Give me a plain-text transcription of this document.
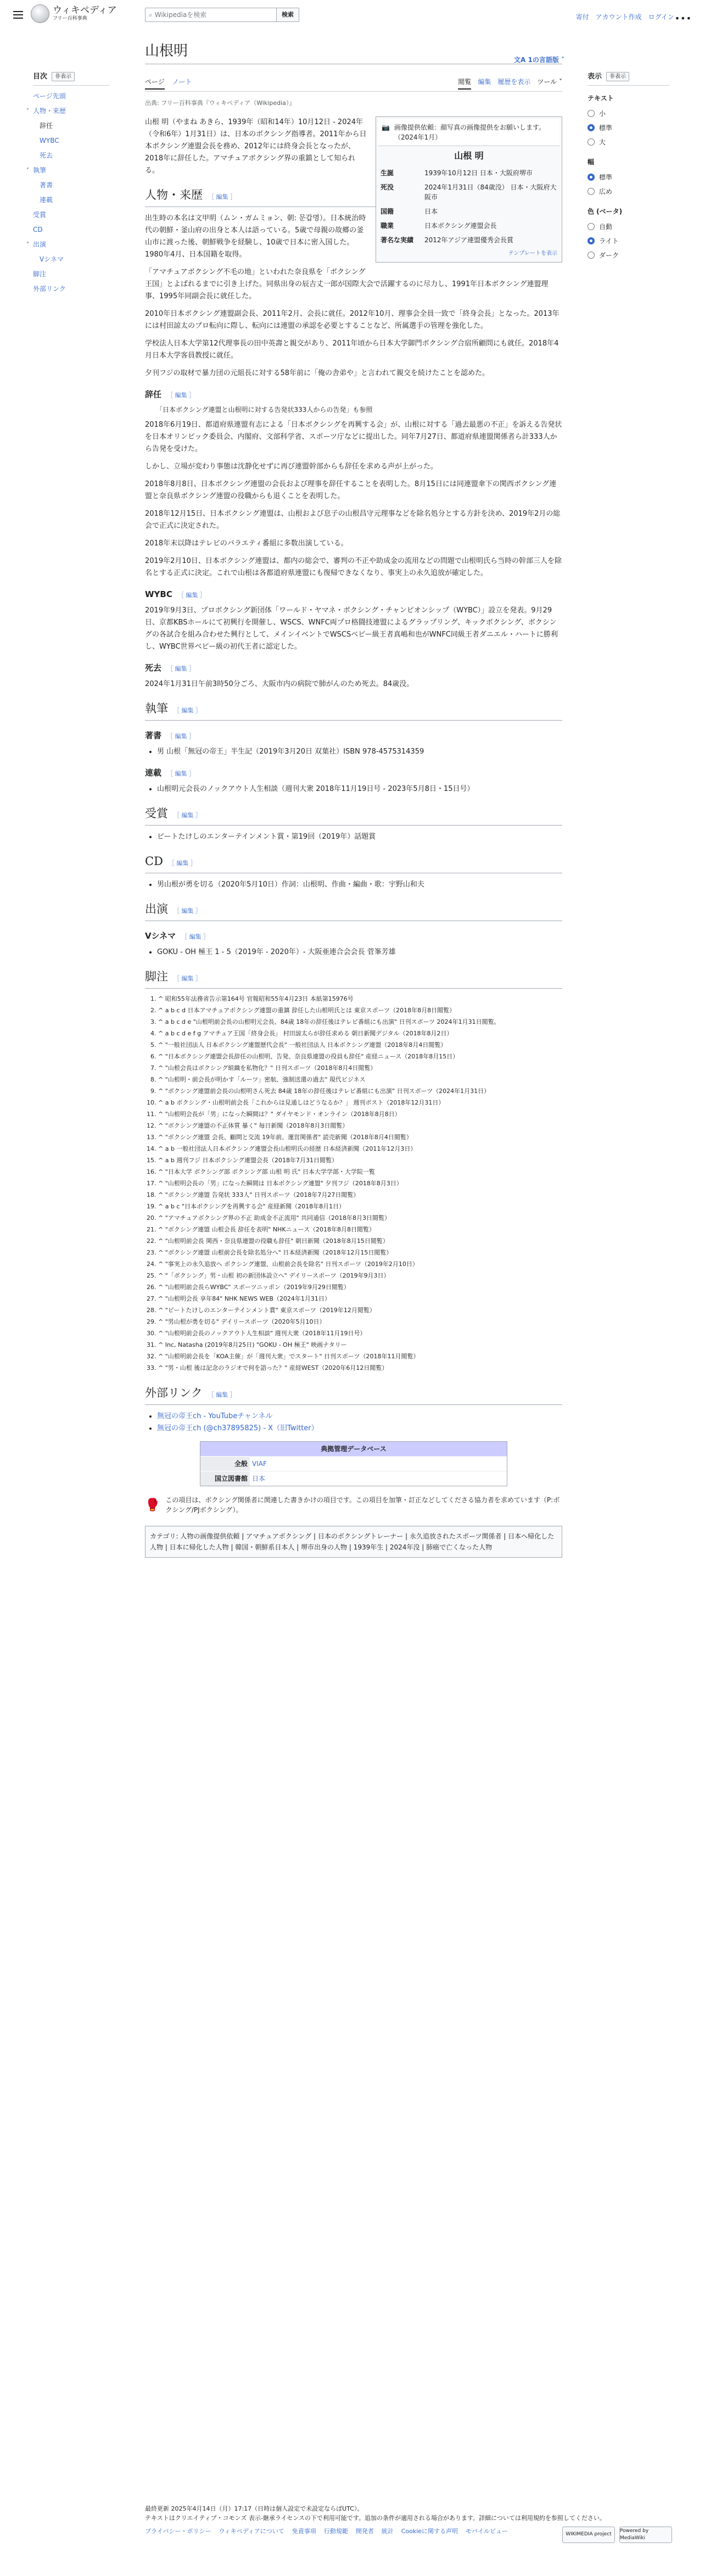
ウィキペディア
フリー百科事典	⌕ Wikipediaを検索	検索	寄付 アカウント作成 ログイン •••
目次	非表示
ページ先頭
˅ 人物・来歴
辞任
WYBC
死去
˅ 執筆
著書
連載
受賞
CD
˅ 出演
Vシネマ
脚注
外部リンク
山根明
文A 1の言語版 ˅
ページ ノート	閲覧 編集 履歴を表示 ツール ˅
出典: フリー百科事典『ウィキペディア（Wikipedia）』
表示	非表示
テキスト
小
標準
大
幅
標準
広め
色 (ベータ)
自動
ライト
ダーク
📷 画像提供依頼：顔写真の画像提供をお願いします。（2024年1月）
山根 明
生誕	1939年10月12日 日本・大阪府堺市
死没	2024年1月31日（84歳没） 日本・大阪府大阪市
国籍	日本
職業	日本ボクシング連盟会長
著名な実績	2012年アジア連盟優秀会長賞
テンプレートを表示

山根 明（やまね あきら、1939年（昭和14年）10月12日 - 2024年（令和6年）1月31日）は、日本のボクシング指導者。2011年から日本ボクシング連盟会長を務め、2012年には終身会長となったが、2018年に辞任した。アマチュアボクシング界の重鎮として知られる。

人物・来歴 ［ 編集 ］

出生時の本名は文甲明（ムン・ガムミョン、朝: 문갑명）。日本統治時代の朝鮮・釜山府の出身と本人は語っている。5歳で母親の故郷の釜山市に渡った後、朝鮮戦争を経験し、10歳で日本に密入国した。1980年4月、日本国籍を取得。

「アマチュアボクシング不毛の地」といわれた奈良県を「ボクシング王国」とよばれるまでに引き上げた。同県出身の辰吉丈一郎が国際大会で活躍するのに尽力し、1991年日本ボクシング連盟理事、1995年同副会長に就任した。

2010年日本ボクシング連盟副会長、2011年2月、会長に就任。2012年10月、理事会全員一致で「終身会長」となった。2013年には村田諒太のプロ転向に際し、転向には連盟の承認を必要とすることなど、所属選手の管理を強化した。

学校法人日本大学第12代理事長の田中英壽と親交があり、2011年頃から日本大学御門ボクシング合宿所顧問にも就任。2018年4月日本大学客員教授に就任。

夕刊フジの取材で暴力団の元組長に対する58年前に「俺の舎弟や」と言われて親交を続けたことを認めた。

辞任 ［ 編集 ］
「日本ボクシング連盟と山根明に対する告発状333人からの告発」も参照

2018年6月19日、都道府県連盟有志による「日本ボクシングを再興する会」が、山根に対する「過去最悪の不正」を訴える告発状を日本オリンピック委員会、内閣府、文部科学省、スポーツ庁などに提出した。同年7月27日、都道府県連盟関係者ら計333人から告発を受けた。

しかし、立場が変わり事態は沈静化せずに再び連盟幹部からも辞任を求める声が上がった。

2018年8月8日、日本ボクシング連盟の会長および理事を辞任することを表明した。8月15日には同連盟傘下の関西ボクシング連盟と奈良県ボクシング連盟の役職からも退くことを表明した。

2018年12月15日、日本ボクシング連盟は、山根および息子の山根昌守元理事などを除名処分とする方針を決め、2019年2月の総会で正式に決定された。

2018年末以降はテレビのバラエティ番組に多数出演している。

2019年2月10日、日本ボクシング連盟は、都内の総会で、審判の不正や助成金の流用などの問題で山根明氏ら当時の幹部三人を除名とする正式に決定。これで山根は各都道府県連盟にも復帰できなくなり、事実上の永久追放が確定した。

WYBC ［ 編集 ］

2019年9月3日、プロボクシング新団体「ワールド・ヤマネ・ボクシング・チャンピオンシップ（WYBC）」設立を発表。9月29日、京都KBSホールにて初興行を開催し、WSCS、WNFC両プロ格闘技連盟によるグラップリング、キックボクシング、ボクシングの各試合を組み合わせた興行として、メインイベントでWSCSベビー級王者真嶋和也がWNFC同級王者ダニエル・ハートに勝利し、WYBC世界ベビー級の初代王者に認定した。

死去 ［ 編集 ］

2024年1月31日午前3時50分ごろ、大阪市内の病院で肺がんのため死去。84歳没。

執筆 ［ 編集 ］
著書 ［ 編集 ］
• 男 山根「無冠の帝王」半生記（2019年3月20日 双葉社）ISBN 978-4575314359
連載 ［ 編集 ］
• 山根明元会長のノックアウト人生相談（週刊大衆 2018年11月19日号 - 2023年5月8日・15日号）
受賞 ［ 編集 ］
• ビートたけしのエンターテインメント賞・第19回（2019年）話題賞
CD ［ 編集 ］
• 男山根が勇を切る（2020年5月10日）作詞：山根明、作曲・編曲・歌：宇野山和夫
出演 ［ 編集 ］
Vシネマ ［ 編集 ］
• GOKU - OH 極王 1 - 5（2019年 - 2020年）- 大阪亜連合会会長 菅峯芳雄
脚注 ［ 編集 ］
1. ^ 昭和55年法務省告示第164号 官報昭和55年4月23日 本紙第15976号
2. ^ a b c d 日本アマチュアボクシング連盟の重鎮 辞任した山根明氏とは 東京スポーツ（2018年8月8日閲覧）
3. ^ a b c d e "山根明前会長の山根明元会長、84歳 18年の辞任後はテレビ番組にも出演" 日刊スポーツ 2024年1月31日閲覧。
4. ^ a b c d e f g アマチュア王国「終身会長」 村田諒太らが辞任求める 朝日新聞デジタル（2018年8月2日）
5. ^ "一般社団法人 日本ボクシング連盟歴代会長" 一般社団法人 日本ボクシング連盟（2018年8月4日閲覧）
6. ^ "日本ボクシング連盟会長辞任の山根明、告発、奈良県連盟の役員も辞任" 産経ニュース（2018年8月15日）
7. ^ "山根会長はボクシング組織を私物化？" 日刊スポーツ（2018年8月4日閲覧）
8. ^ "山根明・前会長が明かす「ルーツ」密航、強制送還の過去" 現代ビジネス
9. ^ "ボクシング連盟前会長の山根明さん死去 84歳 18年の辞任後はテレビ番組にも出演" 日刊スポーツ（2024年1月31日）
10. ^ a b ボクシング・山根明前会長「これからは見通しはどうなるか？」 週刊ポスト（2018年12月31日）
11. ^ "山根明会長が「男」になった瞬間は？" ダイヤモンド・オンライン（2018年8月8日）
12. ^ "ボクシング連盟の不正体質 暴く" 毎日新聞（2018年8月3日閲覧）
13. ^ "ボクシング連盟 会長、顧問と交流 19年前、運営関係者" 読売新聞（2018年8月4日閲覧）
14. ^ a b 一般社団法人日本ボクシング連盟会長山根明氏の経歴 日本経済新聞（2011年12月3日）
15. ^ a b 週刊フジ 日本ボクシング連盟会長（2018年7月31日閲覧）
16. ^ "日本大学 ボクシング部 ボクシング部 山根 明 氏" 日本大学学部・大学院一覧
17. ^ "山根明会長の「男」になった瞬間は 日本ボクシング連盟" 夕刊フジ（2018年8月3日）
18. ^ "ボクシング連盟 告発状 333人" 日刊スポーツ（2018年7月27日閲覧）
19. ^ a b c "日本ボクシングを再興する会" 産経新聞（2018年8月1日）
20. ^ "アマチュアボクシング界の不正 助成金不正流用" 共同通信（2018年8月3日閲覧）
21. ^ "ボクシング連盟 山根会長 辞任を表明" NHKニュース（2018年8月8日閲覧）
22. ^ "山根明前会長 関西・奈良県連盟の役職も辞任" 朝日新聞（2018年8月15日閲覧）
23. ^ "ボクシング連盟 山根前会長を除名処分へ" 日本経済新聞（2018年12月15日閲覧）
24. ^ "事実上の永久追放へ ボクシング連盟、山根前会長を除名" 日刊スポーツ（2019年2月10日）
25. ^ "「ボクシング」男・山根 初の新団体設立へ" デイリースポーツ（2019年9月3日）
26. ^ "山根明前会長らWYBC" スポーツニッポン（2019年9月29日閲覧）
27. ^ "山根明会長 享年84" NHK NEWS WEB（2024年1月31日）
28. ^ "ビートたけしのエンターテインメント賞" 東京スポーツ（2019年12月閲覧）
29. ^ "男山根が勇を切る" デイリースポーツ（2020年5月10日）
30. ^ "山根明前会長のノックアウト人生相談" 週刊大衆（2018年11月19日号）
31. ^ Inc, Natasha (2019年8月25日) "GOKU - OH 極王" 映画ナタリー
32. ^ "山根明前会長を「KOA主催」が「週刊大衆」でスタート" 日刊スポーツ（2018年11月閲覧）
33. ^ "男・山根 後は記念のラジオで何を語った？" 産経WEST（2020年6月12日閲覧）
外部リンク ［ 編集 ］
• 無冠の帝王ch - YouTubeチャンネル
• 無冠の帝王ch (@ch37895825) - X（旧Twitter）
典拠管理データベース
全般	VIAF
国立図書館	日本
🥊 この項目は、ボクシング関係者に関連した書きかけの項目です。この項目を加筆・訂正などしてくださる協力者を求めています（P:ボクシング/PJボクシング）。
カテゴリ: 人物の画像提供依頼 | アマチュアボクシング | 日本のボクシングトレーナー | 永久追放されたスポーツ関係者 | 日本へ帰化した人物 | 日本に帰化した人物 | 韓国・朝鮮系日本人 | 堺市出身の人物 | 1939年生 | 2024年没 | 肺癌で亡くなった人物
最終更新 2025年4月14日（月）17:17（日時は個人設定で未設定ならばUTC）。
テキストはクリエイティブ・コモンズ 表示-継承ライセンスの下で利用可能です。追加の条件が適用される場合があります。詳細については利用規約を参照してください。
プライバシー・ポリシー ウィキペディアについて 免責事項 行動規範 開発者 統計 Cookieに関する声明 モバイルビュー	WIKIMEDIA project
Powered by MediaWiki
